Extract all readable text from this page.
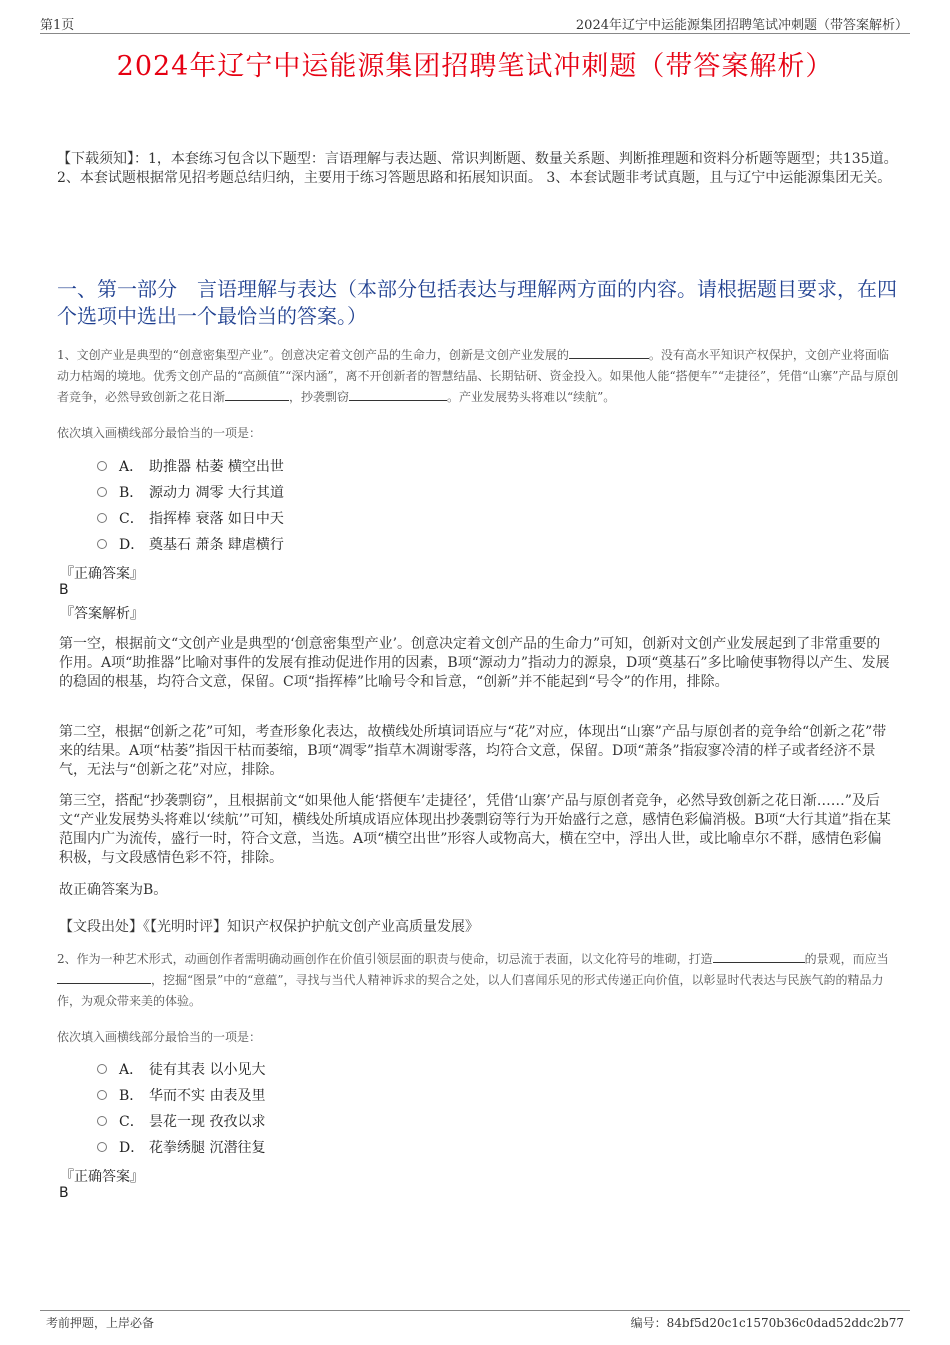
第1页	2024年辽宁中运能源集团招聘笔试冲刺题（带答案解析）
2024年辽宁中运能源集团招聘笔试冲刺题（带答案解析）
【下载须知】：1，本套练习包含以下题型：言语理解与表达题、常识判断题、数量关系题、判断推理题和资料分析题等题型；共135道。 2、本套试题根据常见招考题总结归纳，主要用于练习答题思路和拓展知识面。 3、本套试题非考试真题，且与辽宁中运能源集团无关。
一、第一部分　言语理解与表达（本部分包括表达与理解两方面的内容。请根据题目要求，在四个选项中选出一个最恰当的答案。）
1、文创产业是典型的“创意密集型产业”。创意决定着文创产品的生命力，创新是文创产业发展的	。没有高水平知识产权保护，文创产业将面临动力枯竭的境地。优秀文创产品的“高颜值”“深内涵”，离不开创新者的智慧结晶、长期钻研、资金投入。如果他人能“搭便车”“走捷径”，凭借“山寨”产品与原创者竞争，必然导致创新之花日渐	，抄袭剽窃	。产业发展势头将难以“续航”。
依次填入画横线部分最恰当的一项是：
A． 助推器 枯萎 横空出世
B． 源动力 凋零 大行其道
C． 指挥棒 衰落 如日中天
D． 奠基石 萧条 肆虐横行
『正确答案』
B
『答案解析』
第一空，根据前文“文创产业是典型的‘创意密集型产业’。创意决定着文创产品的生命力”可知，创新对文创产业发展起到了非常重要的作用。A项“助推器”比喻对事件的发展有推动促进作用的因素，B项“源动力”指动力的源泉，D项“奠基石”多比喻使事物得以产生、发展的稳固的根基，均符合文意，保留。C项“指挥棒”比喻号令和旨意，“创新”并不能起到“号令”的作用，排除。
第二空，根据“创新之花”可知，考查形象化表达，故横线处所填词语应与“花”对应，体现出“山寨”产品与原创者的竞争给“创新之花”带来的结果。A项“枯萎”指因干枯而萎缩，B项“凋零”指草木凋谢零落，均符合文意，保留。D项“萧条”指寂寥冷清的样子或者经济不景气，无法与“创新之花”对应，排除。
第三空，搭配“抄袭剽窃”，且根据前文“如果他人能‘搭便车’走捷径’，凭借‘山寨’产品与原创者竞争，必然导致创新之花日渐……”及后文“产业发展势头将难以‘续航’”可知，横线处所填成语应体现出抄袭剽窃等行为开始盛行之意，感情色彩偏消极。B项“大行其道”指在某范围内广为流传，盛行一时，符合文意，当选。A项“横空出世”形容人或物高大，横在空中，浮出人世，或比喻卓尔不群，感情色彩偏积极，与文段感情色彩不符，排除。
故正确答案为B。
【文段出处】《【光明时评】知识产权保护护航文创产业高质量发展》
2、作为一种艺术形式，动画创作者需明确动画创作在价值引领层面的职责与使命，切忌流于表面，以文化符号的堆砌，打造	的景观，而应当，挖掘“图景”中的“意蕴”，寻找与当代人精神诉求的契合之处，以人们喜闻乐见的形式传递正向价值，以彰显时代表达与民族气韵的精品力作，为观众带来美的体验。
依次填入画横线部分最恰当的一项是：
A． 徒有其表 以小见大
B． 华而不实 由表及里
C． 昙花一现 孜孜以求
D． 花拳绣腿 沉潜往复
『正确答案』
B
考前押题，上岸必备	编号：84bf5d20c1c1570b36c0dad52ddc2b77
